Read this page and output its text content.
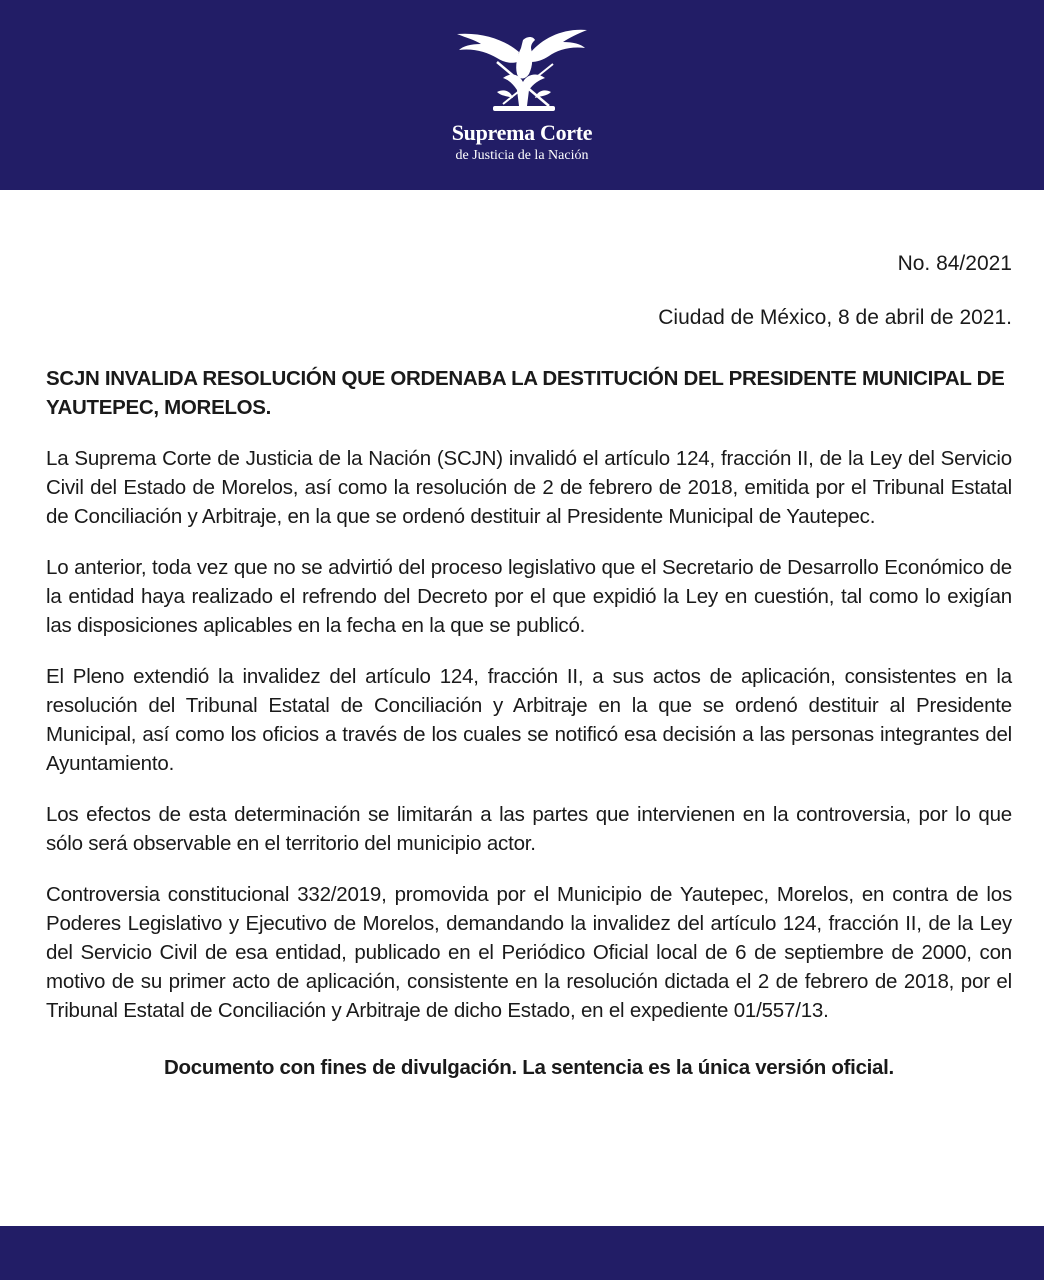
Suprema Corte
de Justicia de la Nación

No. 84/2021

Ciudad de México, 8 de abril de 2021.

SCJN INVALIDA RESOLUCIÓN QUE ORDENABA LA DESTITUCIÓN DEL PRESIDENTE MUNICIPAL DE YAUTEPEC, MORELOS.

La Suprema Corte de Justicia de la Nación (SCJN) invalidó el artículo 124, fracción II, de la Ley del Servicio Civil del Estado de Morelos, así como la resolución de 2 de febrero de 2018, emitida por el Tribunal Estatal de Conciliación y Arbitraje, en la que se ordenó destituir al Presidente Municipal de Yautepec.

Lo anterior, toda vez que no se advirtió del proceso legislativo que el Secretario de Desarrollo Económico de la entidad haya realizado el refrendo del Decreto por el que expidió la Ley en cuestión, tal como lo exigían las disposiciones aplicables en la fecha en la que se publicó.

El Pleno extendió la invalidez del artículo 124, fracción II, a sus actos de aplicación, consistentes en la resolución del Tribunal Estatal de Conciliación y Arbitraje en la que se ordenó destituir al Presidente Municipal, así como los oficios a través de los cuales se notificó esa decisión a las personas integrantes del Ayuntamiento.

Los efectos de esta determinación se limitarán a las partes que intervienen en la controversia, por lo que sólo será observable en el territorio del municipio actor.

Controversia constitucional 332/2019, promovida por el Municipio de Yautepec, Morelos, en contra de los Poderes Legislativo y Ejecutivo de Morelos, demandando la invalidez del artículo 124, fracción II, de la Ley del Servicio Civil de esa entidad, publicado en el Periódico Oficial local de 6 de septiembre de 2000, con motivo de su primer acto de aplicación, consistente en la resolución dictada el 2 de febrero de 2018, por el Tribunal Estatal de Conciliación y Arbitraje de dicho Estado, en el expediente 01/557/13.

Documento con fines de divulgación. La sentencia es la única versión oficial.
